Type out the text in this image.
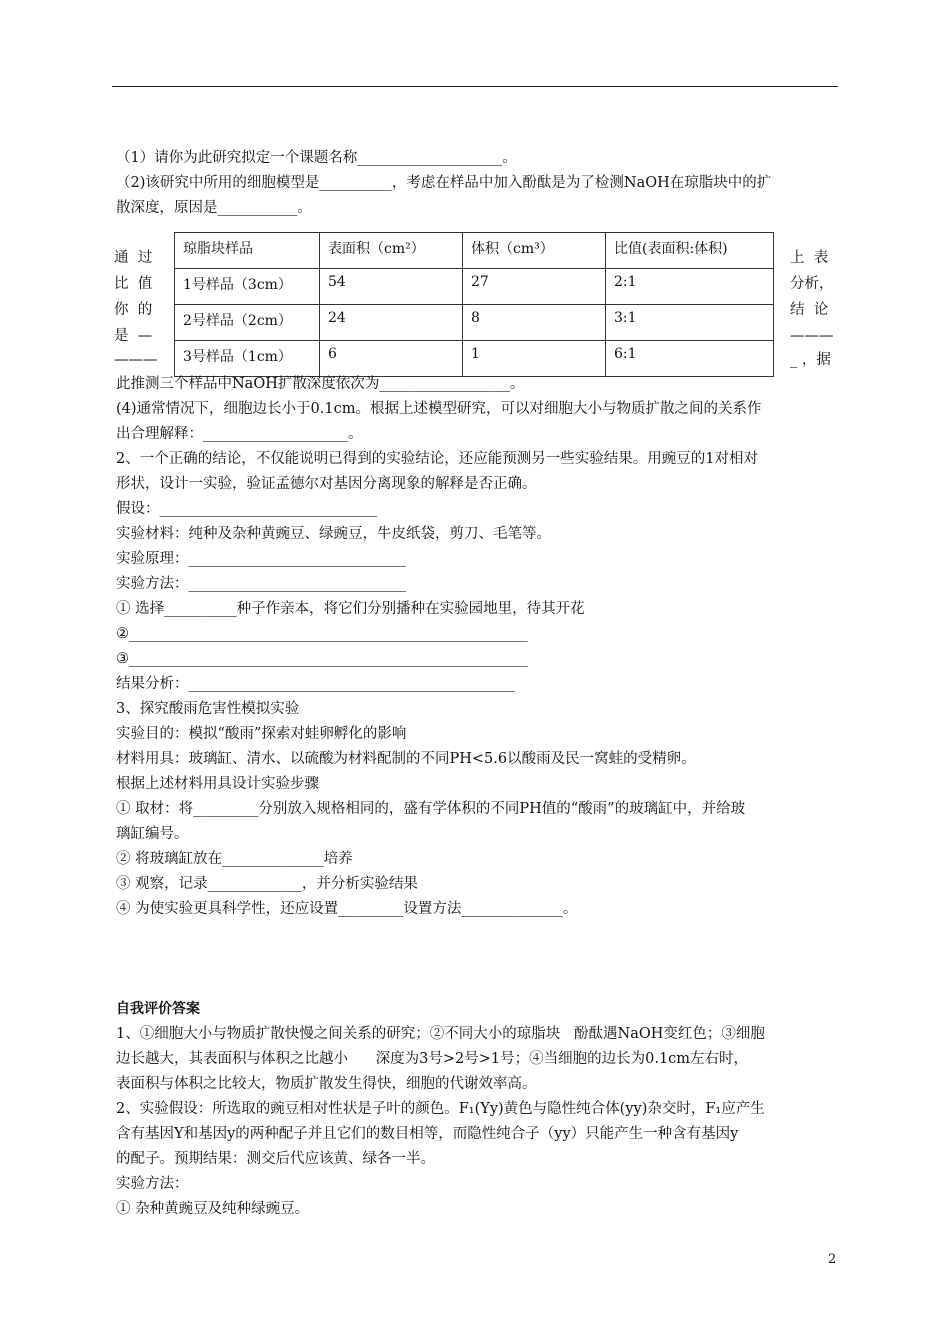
（1）请你为此研究拟定一个课题名称____________________。
（2)该研究中所用的细胞模型是__________，考虑在样品中加入酚酞是为了检测NaOH在琼脂块中的扩
散深度，原因是___________。
通  过
比  值
你  的
是  —
———
上  表
分析，
结  论
———
_ ，据
琼脂块样品	表面积（cm²）	体积（cm³）	比值(表面积:体积)
1号样品（3cm）	54	27	2:1
2号样品（2cm）	24	8	3:1
3号样品（1cm）	6	1	6:1
此推测三个样品中NaOH扩散深度依次为__________________。
(4)通常情况下，细胞边长小于0.1cm。根据上述模型研究，可以对细胞大小与物质扩散之间的关系作
出合理解释：____________________。
2、一个正确的结论，不仅能说明已得到的实验结论，还应能预测另一些实验结果。用豌豆的1对相对
形状，设计一实验，验证孟德尔对基因分离现象的解释是否正确。
假设：______________________________
实验材料：纯种及杂种黄豌豆、绿豌豆，牛皮纸袋，剪刀、毛笔等。
实验原理：______________________________
实验方法：______________________________
① 选择__________种子作亲本，将它们分别播种在实验园地里，待其开花
②_______________________________________________________
③_______________________________________________________
结果分析：_____________________________________________
3、探究酸雨危害性模拟实验
实验目的：模拟“酸雨”探索对蛙卵孵化的影响
材料用具：玻璃缸、清水、以硫酸为材料配制的不同PH<5.6以酸雨及民一窝蛙的受精卵。
根据上述材料用具设计实验步骤
① 取材：将_________分别放入规格相同的，盛有学体积的不同PH值的“酸雨”的玻璃缸中，并给玻
璃缸编号。
② 将玻璃缸放在______________培养
③ 观察，记录_____________，并分析实验结果
④ 为使实验更具科学性，还应设置_________设置方法______________。
自我评价答案
1、①细胞大小与物质扩散快慢之间关系的研究；②不同大小的琼脂块   酚酞遇NaOH变红色；③细胞
边长越大，其表面积与体积之比越小      深度为3号>2号>1号；④当细胞的边长为0.1cm左右时，
表面积与体积之比较大，物质扩散发生得快，细胞的代谢效率高。
2、实验假设：所选取的豌豆相对性状是子叶的颜色。F₁(Yy)黄色与隐性纯合体(yy)杂交时，F₁应产生
含有基因Y和基因y的两种配子并且它们的数目相等，而隐性纯合子（yy）只能产生一种含有基因y
的配子。预期结果：测交后代应该黄、绿各一半。
实验方法：
① 杂种黄豌豆及纯种绿豌豆。
2
